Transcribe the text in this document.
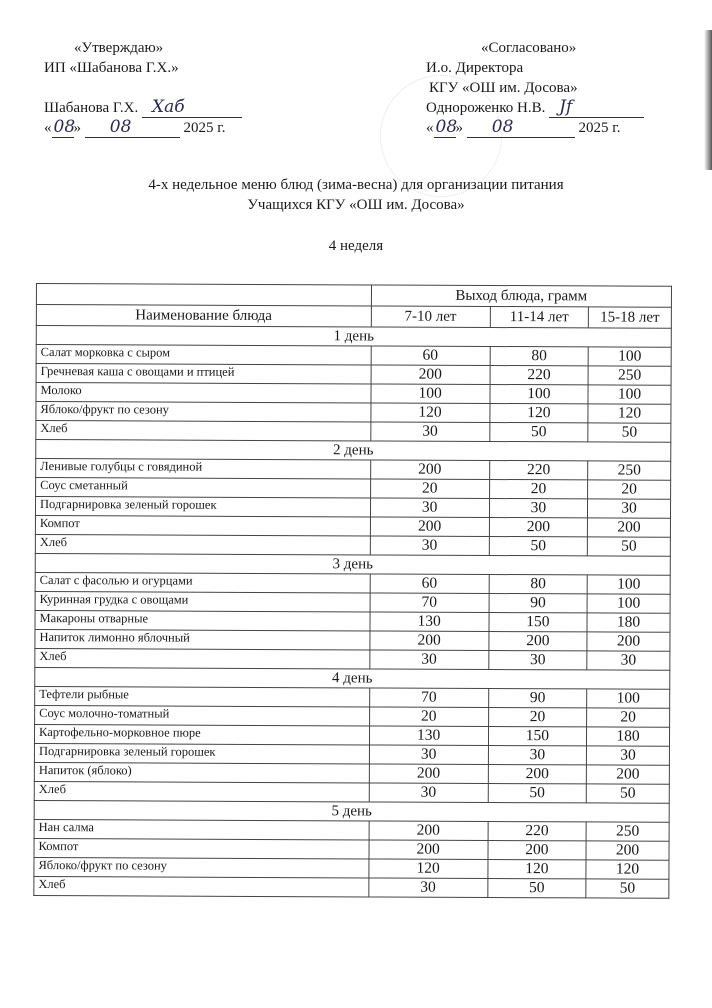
«Утверждаю»
ИП «Шабанова Г.Х.»
Шабанова Г.Х. Хаб
« 08
» 08	2025 г.
«Согласовано»
И.о. Директора
КГУ «ОШ им. Досова»
Однороженко Н.В. Jf
« 08
» 08	2025 г.
4-х недельное меню блюд (зима-весна) для организации питания
Учащихся КГУ «ОШ им. Досова»
4 неделя
	Выход блюда, грамм		
Наименование блюда	7-10 лет	11-14 лет	15-18 лет
1 день			
Салат морковка с сыром	60	80	100
Гречневая каша с овощами и птицей	200	220	250
Молоко	100	100	100
Яблоко/фрукт по сезону	120	120	120
Хлеб	30	50	50
2 день			
Ленивые голубцы с говядиной	200	220	250
Соус сметанный	20	20	20
Подгарнировка зеленый горошек	30	30	30
Компот	200	200	200
Хлеб	30	50	50
3 день			
Салат с фасолью и огурцами	60	80	100
Куринная грудка с овощами	70	90	100
Макароны отварные	130	150	180
Напиток лимонно яблочный	200	200	200
Хлеб	30	30	30
4 день			
Тефтели рыбные	70	90	100
Соус молочно-томатный	20	20	20
Картофельно-морковное пюре	130	150	180
Подгарнировка зеленый горошек	30	30	30
Напиток (яблоко)	200	200	200
Хлеб	30	50	50
5 день			
Нан салма	200	220	250
Компот	200	200	200
Яблоко/фрукт по сезону	120	120	120
Хлеб	30	50	50
